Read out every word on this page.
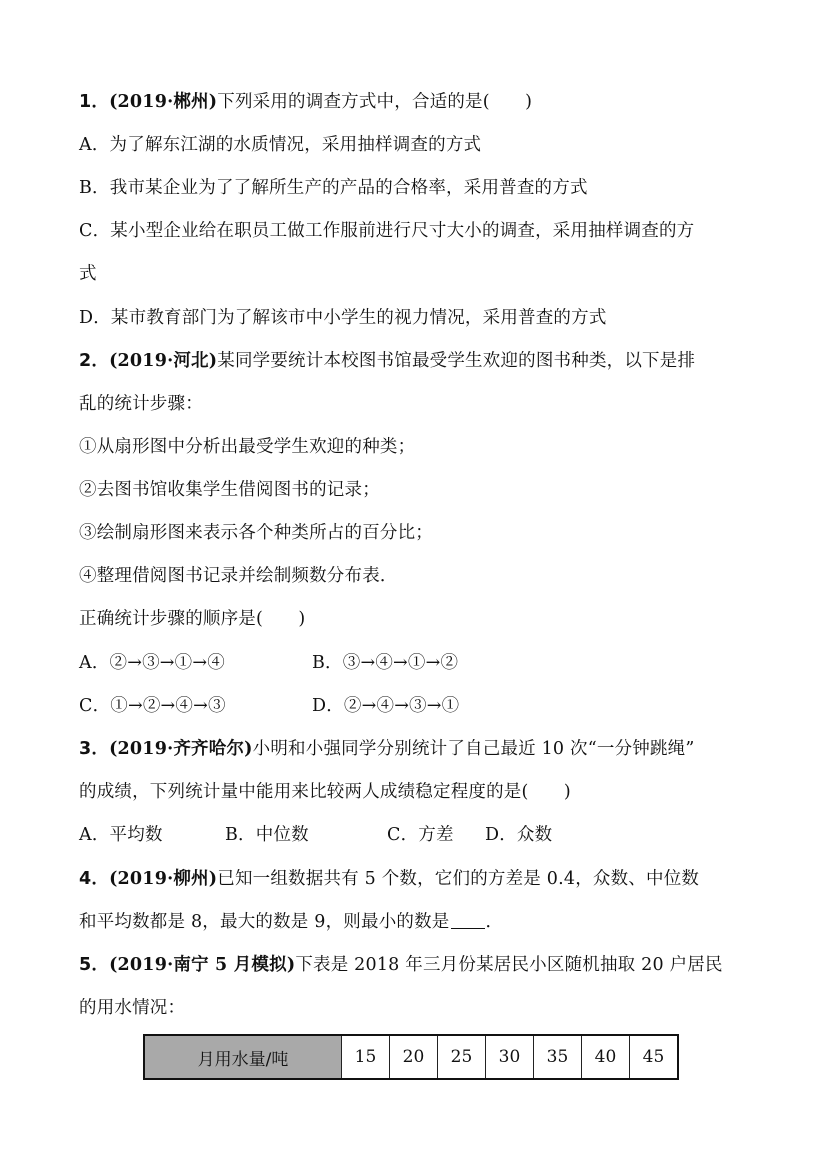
1．(2019·郴州)下列采用的调查方式中，合适的是(　　)
A．为了解东江湖的水质情况，采用抽样调查的方式
B．我市某企业为了了解所生产的产品的合格率，采用普查的方式
C．某小型企业给在职员工做工作服前进行尺寸大小的调查，采用抽样调查的方
式
D．某市教育部门为了解该市中小学生的视力情况，采用普查的方式
2．(2019·河北)某同学要统计本校图书馆最受学生欢迎的图书种类，以下是排
乱的统计步骤：
①从扇形图中分析出最受学生欢迎的种类；
②去图书馆收集学生借阅图书的记录；
③绘制扇形图来表示各个种类所占的百分比；
④整理借阅图书记录并绘制频数分布表．
正确统计步骤的顺序是(　　)
A．②→③→①→④	B．③→④→①→②
C．①→②→④→③	D．②→④→③→①
3．(2019·齐齐哈尔)小明和小强同学分别统计了自己最近 10 次“一分钟跳绳”
的成绩，下列统计量中能用来比较两人成绩稳定程度的是(　　)
A．平均数	B．中位数	C．方差 D．众数
4．(2019·柳州)已知一组数据共有 5 个数，它们的方差是 0.4，众数、中位数
和平均数都是 8，最大的数是 9，则最小的数是 ．
5．(2019·南宁 5 月模拟)下表是 2018 年三月份某居民小区随机抽取 20 户居民
的用水情况：
月用水量/吨	15	20	25	30	35	40	45
